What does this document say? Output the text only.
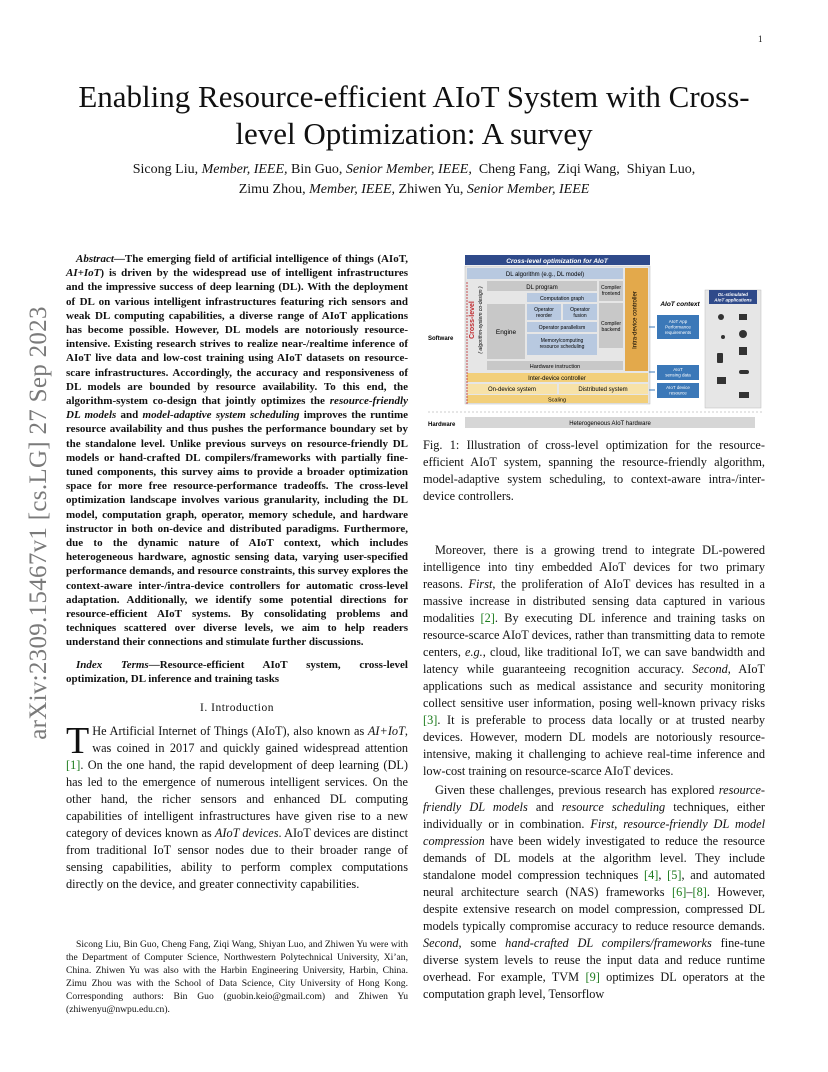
1
arXiv:2309.15467v1 [cs.LG] 27 Sep 2023
Enabling Resource-efficient AIoT System with Cross-level Optimization: A survey
Sicong Liu, Member, IEEE, Bin Guo, Senior Member, IEEE, Cheng Fang, Ziqi Wang, Shiyan Luo,
Zimu Zhou, Member, IEEE, Zhiwen Yu, Senior Member, IEEE

Abstract—The emerging field of artificial intelligence of things (AIoT, AI+IoT) is driven by the widespread use of intelligent infrastructures and the impressive success of deep learning (DL). With the deployment of DL on various intelligent infrastructures featuring rich sensors and weak DL computing capabilities, a diverse range of AIoT applications has become possible. However, DL models are notoriously resource-intensive. Existing research strives to realize near-/realtime inference of AIoT live data and low-cost training using AIoT datasets on resource-scare infrastructures. Accordingly, the accuracy and responsiveness of DL models are bounded by resource availability. To this end, the algorithm-system co-design that jointly optimizes the resource-friendly DL models and model-adaptive system scheduling improves the runtime resource availability and thus pushes the performance boundary set by the standalone level. Unlike previous surveys on resource-friendly DL models or hand-crafted DL compilers/frameworks with partially fine-tuned components, this survey aims to provide a broader optimization space for more free resource-performance tradeoffs. The cross-level optimization landscape involves various granularity, including the DL model, computation graph, operator, memory schedule, and hardware instructor in both on-device and distributed paradigms. Furthermore, due to the dynamic nature of AIoT context, which includes heterogeneous hardware, agnostic sensing data, varying user-specified performance demands, and resource constraints, this survey explores the context-aware inter-/intra-device controllers for automatic cross-level adaptation. Additionally, we identify some potential directions for resource-efficient AIoT systems. By consolidating problems and techniques scattered over diverse levels, we aim to help readers understand their connections and stimulate further discussions.

Index Terms—Resource-efficient AIoT system, cross-level optimization, DL inference and training tasks

I. Introduction

T He Artificial Internet of Things (AIoT), also known as AI+IoT, was coined in 2017 and quickly gained widespread attention [1]. On the one hand, the rapid development of deep learning (DL) has led to the emergence of numerous intelligent services. On the other hand, the richer sensors and enhanced DL computing capabilities of intelligent infrastructures have given rise to a new category of devices known as AIoT devices. AIoT devices are distinct from traditional IoT sensor nodes due to their broader range of sensing capabilities, ability to perform complex computations directly on the device, and greater connectivity capabilities.

Sicong Liu, Bin Guo, Cheng Fang, Ziqi Wang, Shiyan Luo, and Zhiwen Yu were with the Department of Computer Science, Northwestern Polytechnical University, Xi’an, China. Zhiwen Yu was also with the Harbin Engineering University, Harbin, China. Zimu Zhou was with the School of Data Science, City University of Hong Kong. Corresponding authors: Bin Guo (guobin.keio@gmail.com) and Zhiwen Yu (zhiwenyu@nwpu.edu.cn).
Cross-level optimization for AIoT
DL algorithm (e.g., DL model)
DL program	Compiler frontend
Computation graph
Operator reorder
Operator fusion
Engine
Operator parallelism
Compiler backend
Memory/computing resource scheduling
Hardware instruction
Inter-device controller
On-device system	Distributed system
Scaling
Intra-device controller
Cross-level ( algorithm-system co-design )
Software
Hardware	Heterogeneous AIoT hardware
AIoT context
AIoT App Performance requirements
AIoT sensing data
AIoT device resource
DL-stimulated AIoT applications
Fig. 1: Illustration of cross-level optimization for the resource-efficient AIoT system, spanning the resource-friendly algorithm, model-adaptive system scheduling, to context-aware intra-/inter-device controllers.

Moreover, there is a growing trend to integrate DL-powered intelligence into tiny embedded AIoT devices for two primary reasons. First, the proliferation of AIoT devices has resulted in a massive increase in distributed sensing data captured in various modalities [2]. By executing DL inference and training tasks on resource-scarce AIoT devices, rather than transmitting data to remote centers, e.g., cloud, like traditional IoT, we can save bandwidth and latency while guaranteeing recognition accuracy. Second, AIoT applications such as medical assistance and security monitoring collect sensitive user information, posing well-known privacy risks [3]. It is preferable to process data locally or at trusted nearby devices. However, modern DL models are notoriously resource-intensive, making it challenging to achieve real-time inference and low-cost training on resource-scarce AIoT devices.

Given these challenges, previous research has explored resource-friendly DL models and resource scheduling techniques, either individually or in combination. First, resource-friendly DL model compression have been widely investigated to reduce the resource demands of DL models at the algorithm level. They include standalone model compression techniques [4], [5], and automated neural architecture search (NAS) frameworks [6]–[8]. However, despite extensive research on model compression, compressed DL models typically compromise accuracy to reduce resource demands. Second, some hand-crafted DL compilers/frameworks fine-tune diverse system levels to reuse the input data and reduce runtime overhead. For example, TVM [9] optimizes DL operators at the computation graph level, Tensorflow
